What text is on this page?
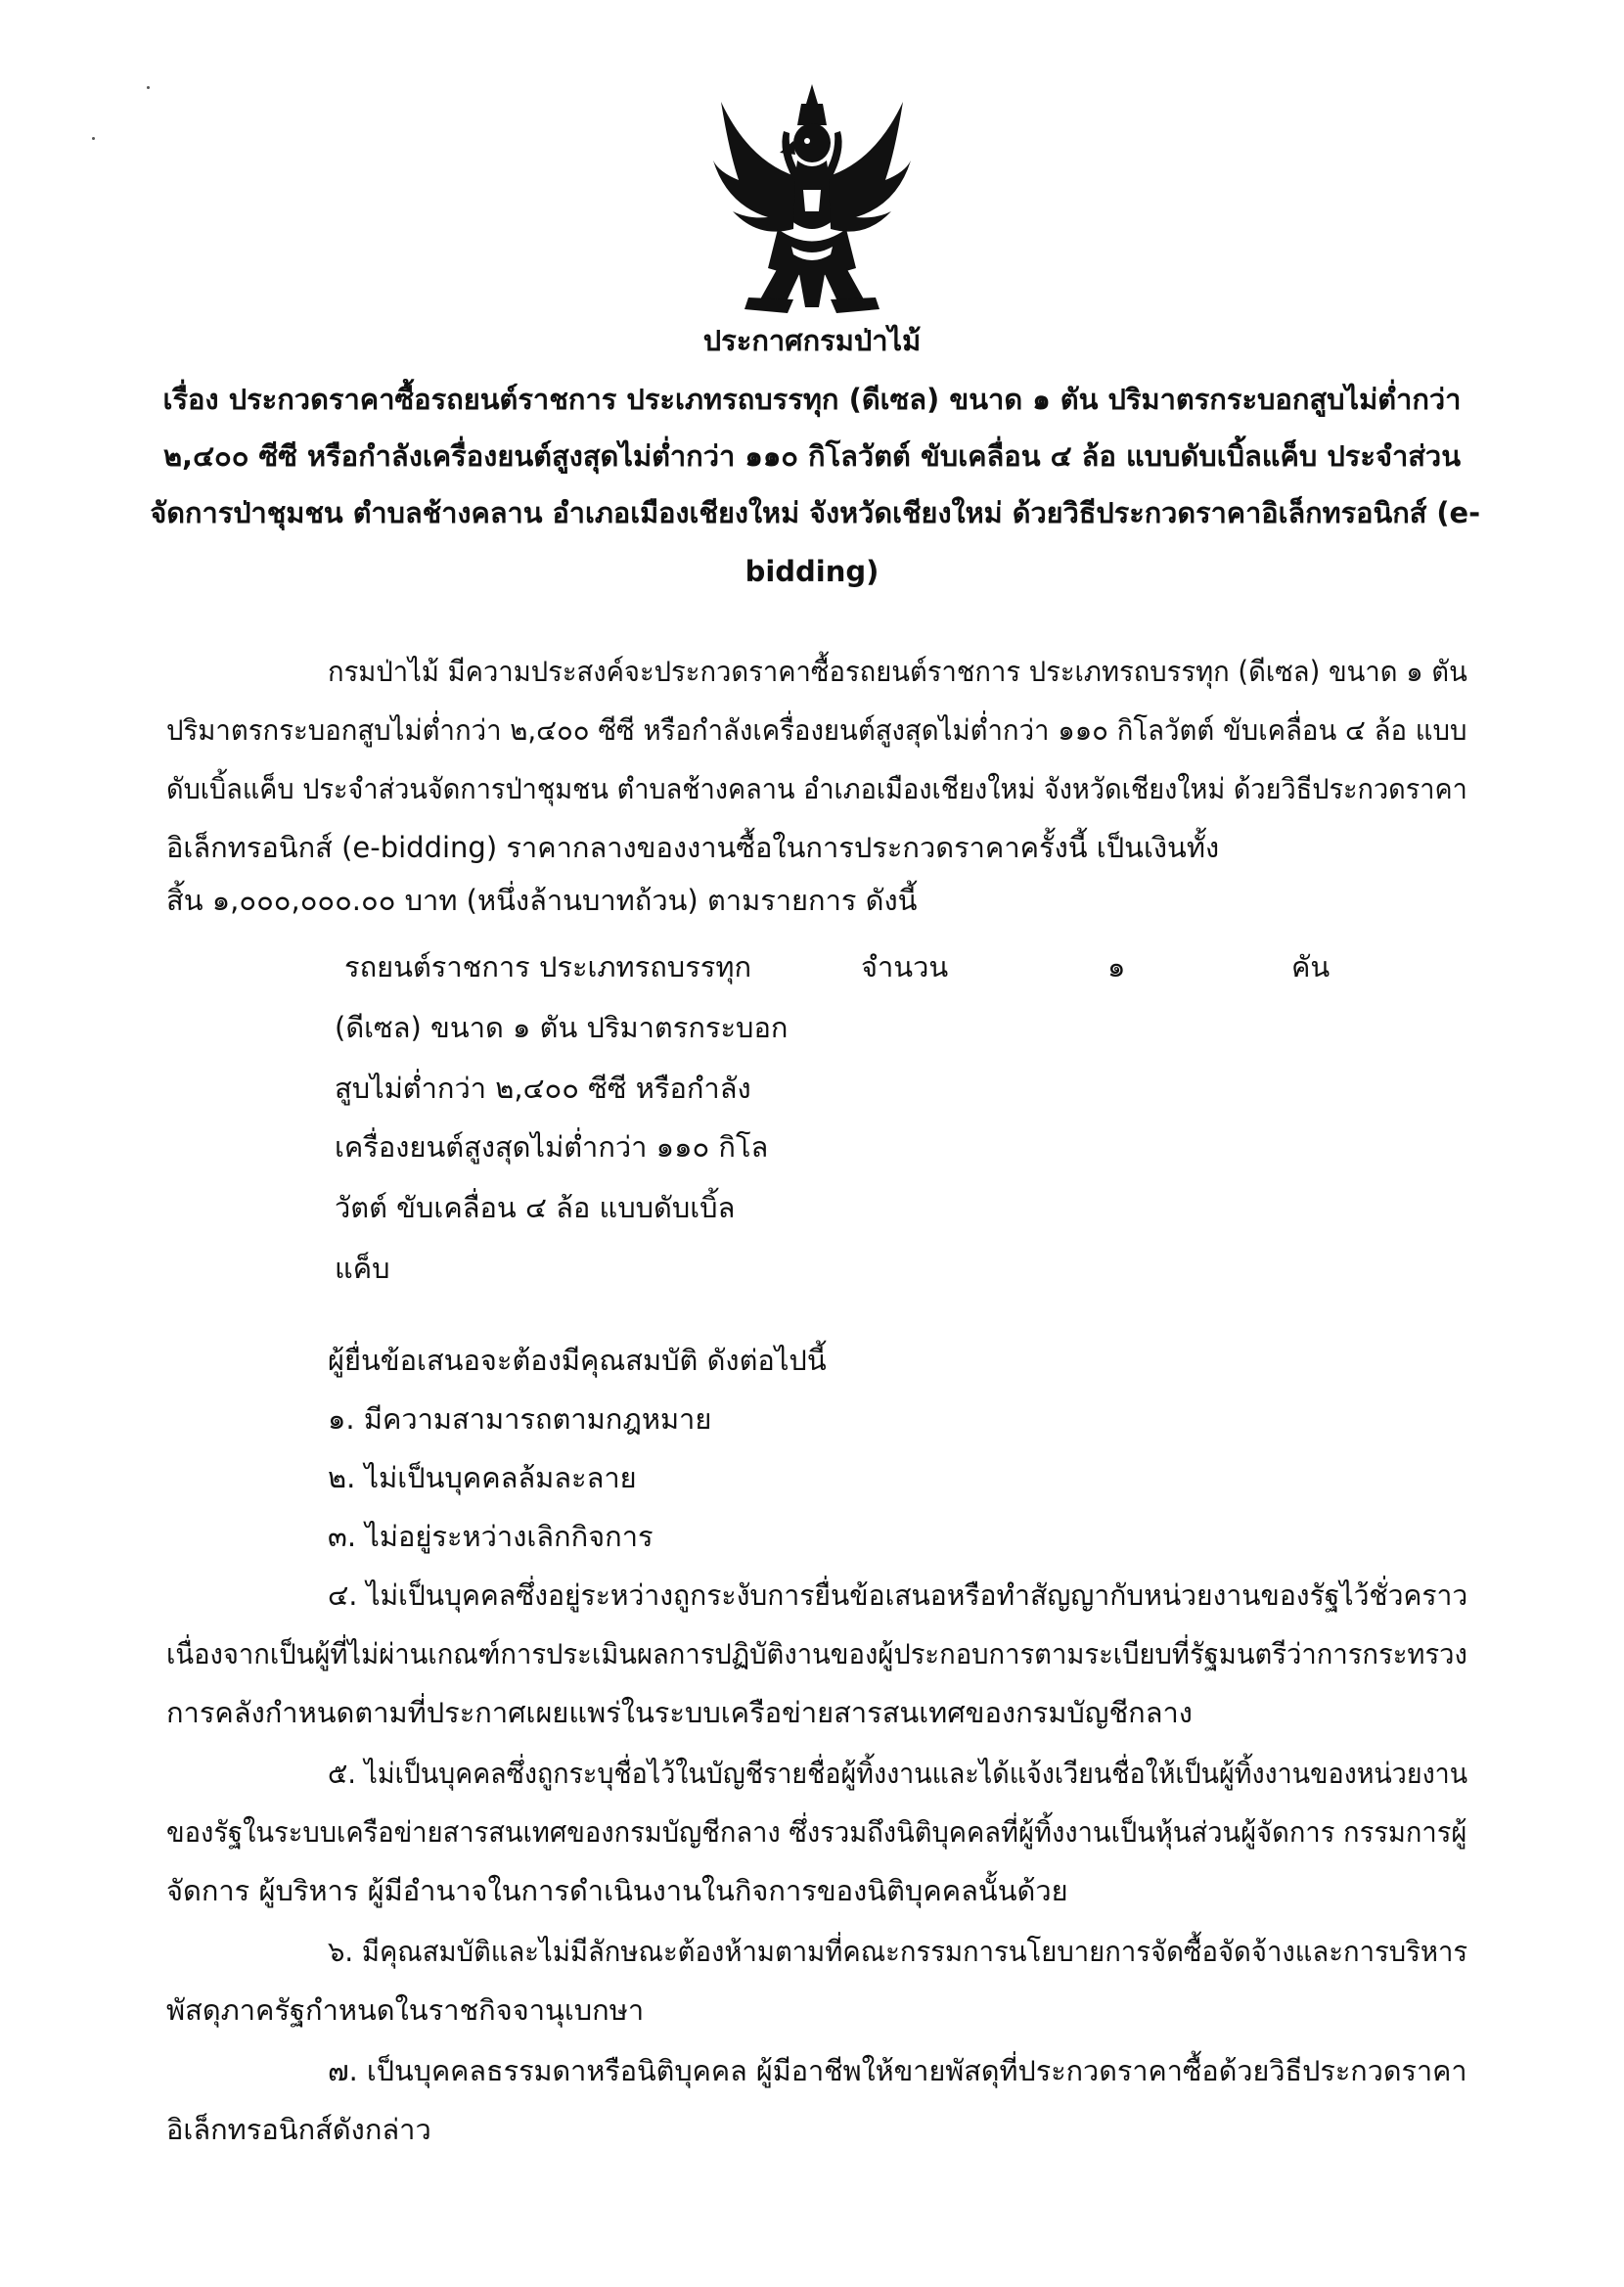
ประกาศกรมป่าไม้
เรื่อง ประกวดราคาซื้อรถยนต์ราชการ ประเภทรถบรรทุก (ดีเซล) ขนาด ๑ ตัน ปริมาตรกระบอกสูบไม่ต่ำกว่า
๒,๔๐๐ ซีซี หรือกำลังเครื่องยนต์สูงสุดไม่ต่ำกว่า ๑๑๐ กิโลวัตต์ ขับเคลื่อน ๔ ล้อ แบบดับเบิ้ลแค็บ ประจำส่วน
จัดการป่าชุมชน ตำบลช้างคลาน อำเภอเมืองเชียงใหม่ จังหวัดเชียงใหม่ ด้วยวิธีประกวดราคาอิเล็กทรอนิกส์ (e-
bidding)
กรมป่าไม้ มีความประสงค์จะประกวดราคาซื้อรถยนต์ราชการ ประเภทรถบรรทุก (ดีเซล) ขนาด ๑ ตัน
ปริมาตรกระบอกสูบไม่ต่ำกว่า ๒,๔๐๐ ซีซี หรือกำลังเครื่องยนต์สูงสุดไม่ต่ำกว่า ๑๑๐ กิโลวัตต์ ขับเคลื่อน ๔ ล้อ แบบ
ดับเบิ้ลแค็บ ประจำส่วนจัดการป่าชุมชน ตำบลช้างคลาน อำเภอเมืองเชียงใหม่ จังหวัดเชียงใหม่ ด้วยวิธีประกวดราคา
อิเล็กทรอนิกส์ (e-bidding) ราคากลางของงานซื้อในการประกวดราคาครั้งนี้ เป็นเงินทั้ง
สิ้น ๑,๐๐๐,๐๐๐.๐๐ บาท (หนึ่งล้านบาทถ้วน) ตามรายการ ดังนี้
รถยนต์ราชการ ประเภทรถบรรทุก	จำนวน	๑	คัน
(ดีเซล) ขนาด ๑ ตัน ปริมาตรกระบอก
สูบไม่ต่ำกว่า ๒,๔๐๐ ซีซี หรือกำลัง
เครื่องยนต์สูงสุดไม่ต่ำกว่า ๑๑๐ กิโล
วัตต์ ขับเคลื่อน ๔ ล้อ แบบดับเบิ้ล
แค็บ
ผู้ยื่นข้อเสนอจะต้องมีคุณสมบัติ ดังต่อไปนี้
๑. มีความสามารถตามกฎหมาย
๒. ไม่เป็นบุคคลล้มละลาย
๓. ไม่อยู่ระหว่างเลิกกิจการ
๔. ไม่เป็นบุคคลซึ่งอยู่ระหว่างถูกระงับการยื่นข้อเสนอหรือทำสัญญากับหน่วยงานของรัฐไว้ชั่วคราว
เนื่องจากเป็นผู้ที่ไม่ผ่านเกณฑ์การประเมินผลการปฏิบัติงานของผู้ประกอบการตามระเบียบที่รัฐมนตรีว่าการกระทรวง
การคลังกำหนดตามที่ประกาศเผยแพร่ในระบบเครือข่ายสารสนเทศของกรมบัญชีกลาง
๕. ไม่เป็นบุคคลซึ่งถูกระบุชื่อไว้ในบัญชีรายชื่อผู้ทิ้งงานและได้แจ้งเวียนชื่อให้เป็นผู้ทิ้งงานของหน่วยงาน
ของรัฐในระบบเครือข่ายสารสนเทศของกรมบัญชีกลาง ซึ่งรวมถึงนิติบุคคลที่ผู้ทิ้งงานเป็นหุ้นส่วนผู้จัดการ กรรมการผู้
จัดการ ผู้บริหาร ผู้มีอำนาจในการดำเนินงานในกิจการของนิติบุคคลนั้นด้วย
๖. มีคุณสมบัติและไม่มีลักษณะต้องห้ามตามที่คณะกรรมการนโยบายการจัดซื้อจัดจ้างและการบริหาร
พัสดุภาครัฐกำหนดในราชกิจจานุเบกษา
๗. เป็นบุคคลธรรมดาหรือนิติบุคคล ผู้มีอาชีพให้ขายพัสดุที่ประกวดราคาซื้อด้วยวิธีประกวดราคา
อิเล็กทรอนิกส์ดังกล่าว
